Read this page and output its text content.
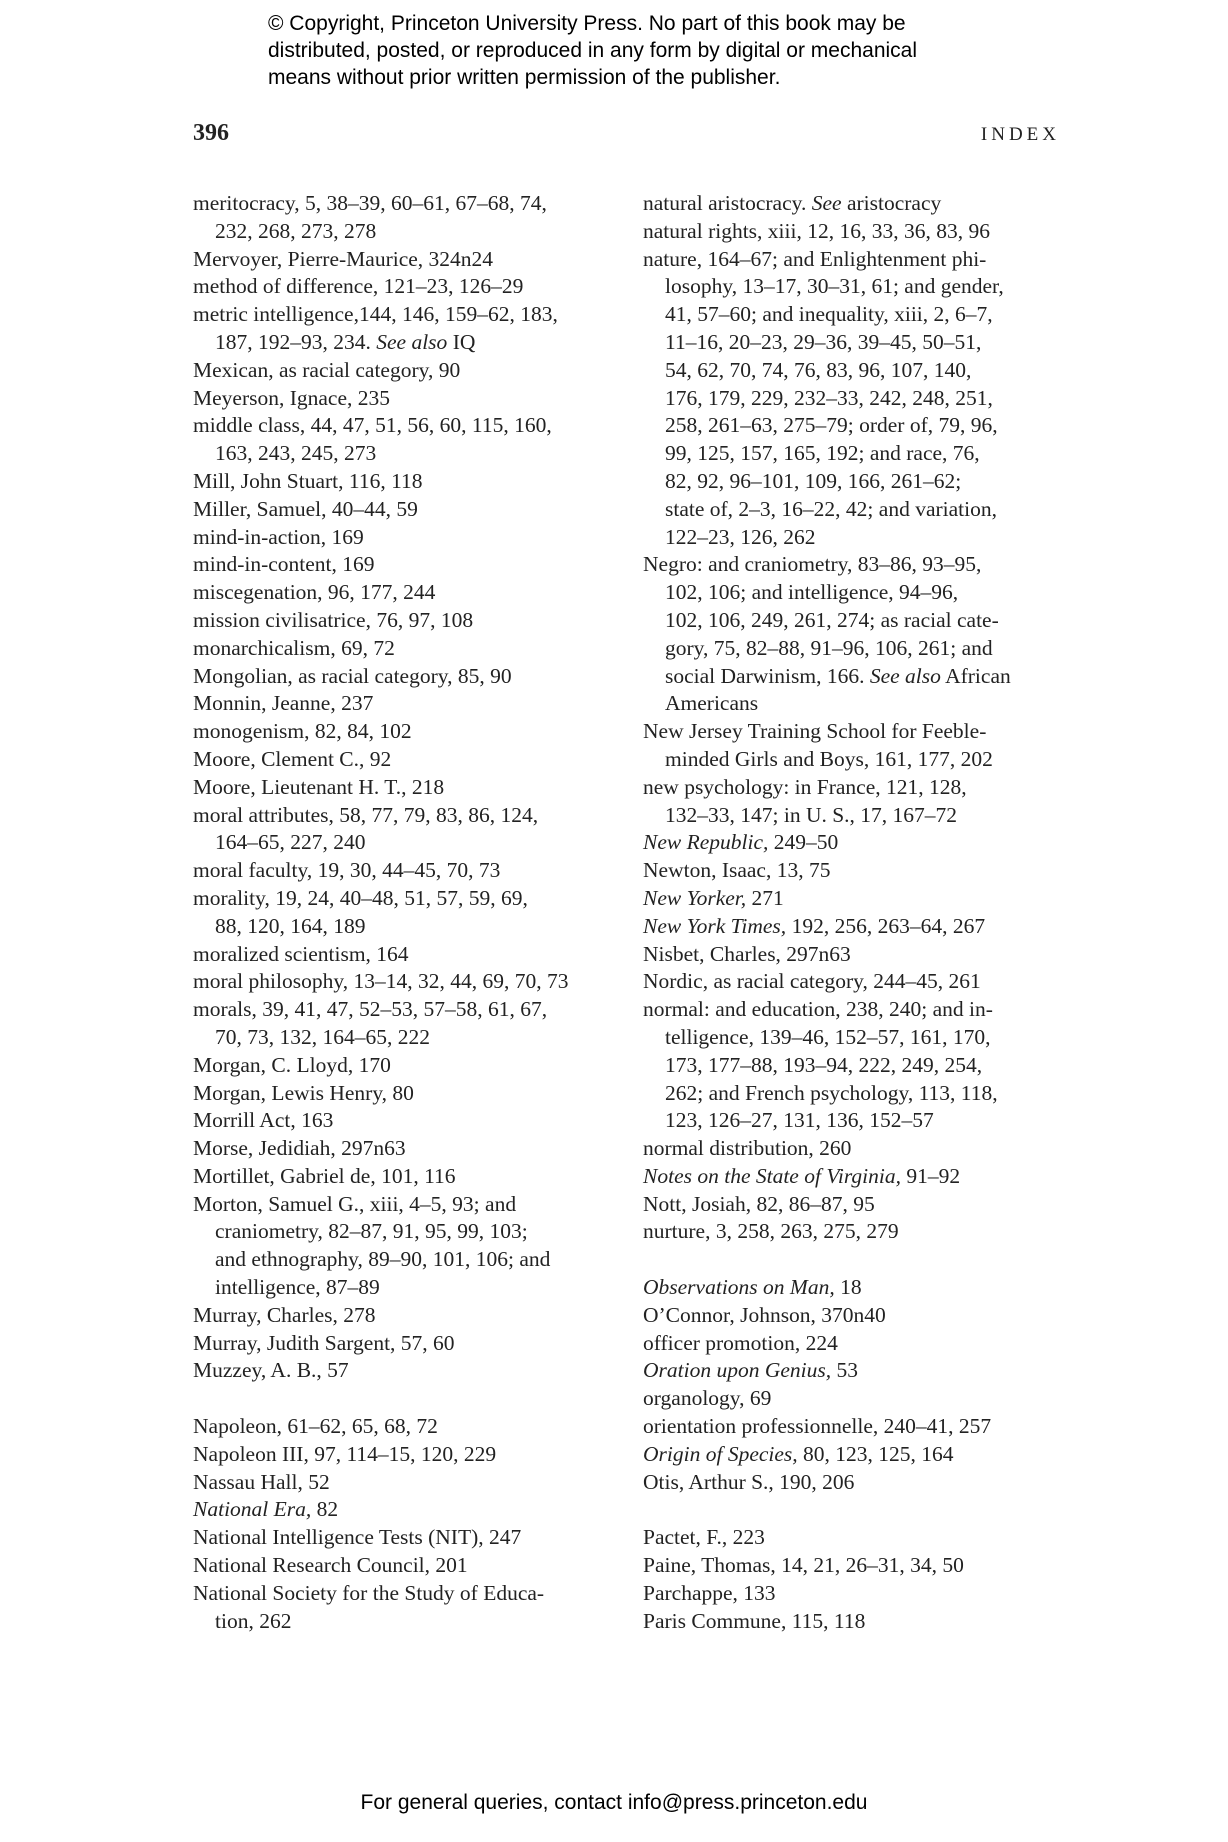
© Copyright, Princeton University Press. No part of this book may be
distributed, posted, or reproduced in any form by digital or mechanical
means without prior written permission of the publisher.
396	INDEX
meritocracy, 5, 38–39, 60–61, 67–68, 74,
232, 268, 273, 278
Mervoyer, Pierre-Maurice, 324n24
method of difference, 121–23, 126–29
metric intelligence,144, 146, 159–62, 183,
187, 192–93, 234. See also IQ
Mexican, as racial category, 90
Meyerson, Ignace, 235
middle class, 44, 47, 51, 56, 60, 115, 160,
163, 243, 245, 273
Mill, John Stuart, 116, 118
Miller, Samuel, 40–44, 59
mind-in-action, 169
mind-in-content, 169
miscegenation, 96, 177, 244
mission civilisatrice, 76, 97, 108
monarchicalism, 69, 72
Mongolian, as racial category, 85, 90
Monnin, Jeanne, 237
monogenism, 82, 84, 102
Moore, Clement C., 92
Moore, Lieutenant H. T., 218
moral attributes, 58, 77, 79, 83, 86, 124,
164–65, 227, 240
moral faculty, 19, 30, 44–45, 70, 73
morality, 19, 24, 40–48, 51, 57, 59, 69,
88, 120, 164, 189
moralized scientism, 164
moral philosophy, 13–14, 32, 44, 69, 70, 73
morals, 39, 41, 47, 52–53, 57–58, 61, 67,
70, 73, 132, 164–65, 222
Morgan, C. Lloyd, 170
Morgan, Lewis Henry, 80
Morrill Act, 163
Morse, Jedidiah, 297n63
Mortillet, Gabriel de, 101, 116
Morton, Samuel G., xiii, 4–5, 93; and
craniometry, 82–87, 91, 95, 99, 103;
and ethnography, 89–90, 101, 106; and
intelligence, 87–89
Murray, Charles, 278
Murray, Judith Sargent, 57, 60
Muzzey, A. B., 57
Napoleon, 61–62, 65, 68, 72
Napoleon III, 97, 114–15, 120, 229
Nassau Hall, 52
National Era, 82
National Intelligence Tests (NIT), 247
National Research Council, 201
National Society for the Study of Educa-
tion, 262
natural aristocracy. See aristocracy
natural rights, xiii, 12, 16, 33, 36, 83, 96
nature, 164–67; and Enlightenment phi-
losophy, 13–17, 30–31, 61; and gender,
41, 57–60; and inequality, xiii, 2, 6–7,
11–16, 20–23, 29–36, 39–45, 50–51,
54, 62, 70, 74, 76, 83, 96, 107, 140,
176, 179, 229, 232–33, 242, 248, 251,
258, 261–63, 275–79; order of, 79, 96,
99, 125, 157, 165, 192; and race, 76,
82, 92, 96–101, 109, 166, 261–62;
state of, 2–3, 16–22, 42; and variation,
122–23, 126, 262
Negro: and craniometry, 83–86, 93–95,
102, 106; and intelligence, 94–96,
102, 106, 249, 261, 274; as racial cate-
gory, 75, 82–88, 91–96, 106, 261; and
social Darwinism, 166. See also African
Americans
New Jersey Training School for Feeble-
minded Girls and Boys, 161, 177, 202
new psychology: in France, 121, 128,
132–33, 147; in U. S., 17, 167–72
New Republic, 249–50
Newton, Isaac, 13, 75
New Yorker, 271
New York Times, 192, 256, 263–64, 267
Nisbet, Charles, 297n63
Nordic, as racial category, 244–45, 261
normal: and education, 238, 240; and in-
telligence, 139–46, 152–57, 161, 170,
173, 177–88, 193–94, 222, 249, 254,
262; and French psychology, 113, 118,
123, 126–27, 131, 136, 152–57
normal distribution, 260
Notes on the State of Virginia, 91–92
Nott, Josiah, 82, 86–87, 95
nurture, 3, 258, 263, 275, 279
Observations on Man, 18
O’Connor, Johnson, 370n40
officer promotion, 224
Oration upon Genius, 53
organology, 69
orientation professionnelle, 240–41, 257
Origin of Species, 80, 123, 125, 164
Otis, Arthur S., 190, 206
Pactet, F., 223
Paine, Thomas, 14, 21, 26–31, 34, 50
Parchappe, 133
Paris Commune, 115, 118
For general queries, contact info@press.princeton.edu
